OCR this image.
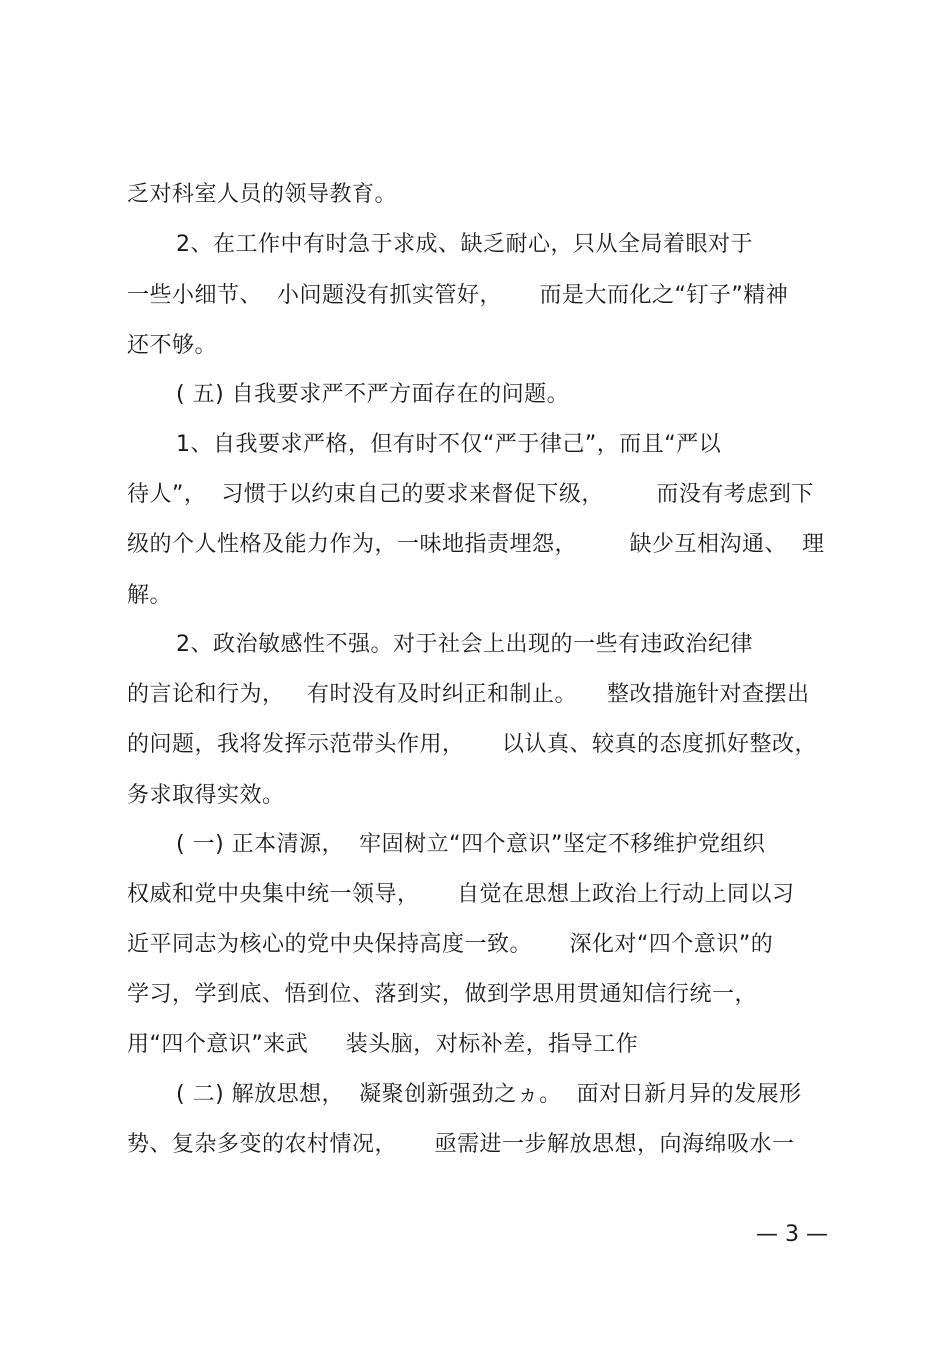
乏对科室人员的领导教育。
2、在工作中有时急于求成、缺乏耐心，只从全局着眼对于
一些小细节、  小问题没有抓实管好，     而是大而化之“钉子”精神
还不够。
( 五) 自我要求严不严方面存在的问题。
1、自我要求严格，但有时不仅“严于律己”，而且“严以
待人”，  习惯于以约束自己的要求来督促下级，       而没有考虑到下
级的个人性格及能力作为，一味地指责埋怨，       缺少互相沟通、  理
解。
2、政治敏感性不强。对于社会上出现的一些有违政治纪律
的言论和行为，   有时没有及时纠正和制止。    整改措施针对查摆出
的问题，我将发挥示范带头作用，     以认真、较真的态度抓好整改，
务求取得实效。
( 一) 正本清源，  牢固树立“四个意识”坚定不移维护党组织
权威和党中央集中统一领导，     自觉在思想上政治上行动上同以习
近平同志为核心的党中央保持高度一致。     深化对“四个意识”的
学习，学到底、悟到位、落到实，做到学思用贯通知信行统一，
用“四个意识”来武     装头脑，对标补差，指导工作
( 二) 解放思想，  凝聚创新强劲之ヵ。  面对日新月异的发展形
势、复杂多变的农村情况，     亟需进一步解放思想，向海绵吸水一
— 3 —
